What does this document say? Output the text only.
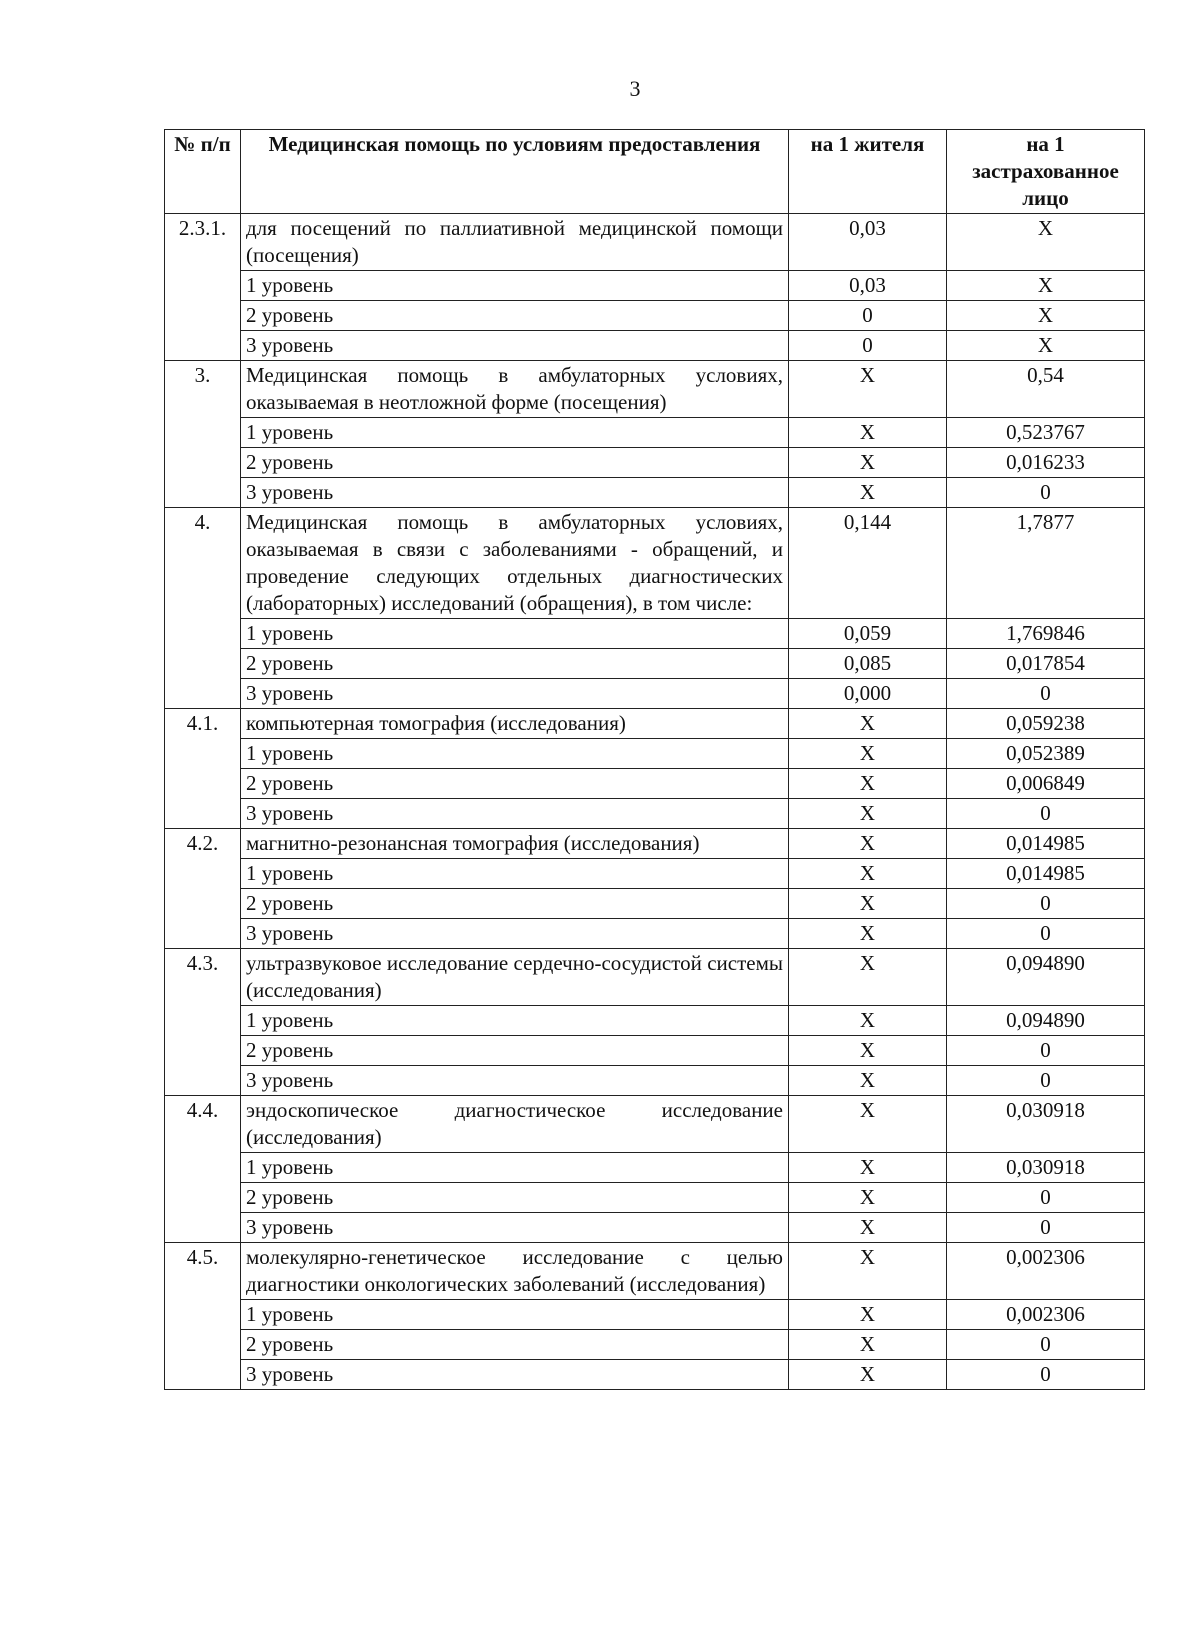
3
№ п/п	Медицинская помощь по условиям предоставления	на 1 жителя	на 1 застрахованное лицо
2.3.1.	для посещений по паллиативной медицинской помощи (посещения)	0,03	X
	1 уровень	0,03	X
	2 уровень	0	X
	3 уровень	0	X
3.	Медицинская помощь в амбулаторных условиях, оказываемая в неотложной форме (посещения)	X	0,54
	1 уровень	X	0,523767
	2 уровень	X	0,016233
	3 уровень	X	0
4.	Медицинская помощь в амбулаторных условиях, оказываемая в связи с заболеваниями - обращений, и проведение следующих отдельных диагностических (лабораторных) исследований (обращения), в том числе:	0,144	1,7877
	1 уровень	0,059	1,769846
	2 уровень	0,085	0,017854
	3 уровень	0,000	0
4.1.	компьютерная томография (исследования)	X	0,059238
	1 уровень	X	0,052389
	2 уровень	X	0,006849
	3 уровень	X	0
4.2.	магнитно-резонансная томография (исследования)	X	0,014985
	1 уровень	X	0,014985
	2 уровень	X	0
	3 уровень	X	0
4.3.	ультразвуковое исследование сердечно-сосудистой системы (исследования)	X	0,094890
	1 уровень	X	0,094890
	2 уровень	X	0
	3 уровень	X	0
4.4.	эндоскопическое диагностическое исследование (исследования)	X	0,030918
	1 уровень	X	0,030918
	2 уровень	X	0
	3 уровень	X	0
4.5.	молекулярно-генетическое исследование с целью диагностики онкологических заболеваний (исследования)	X	0,002306
	1 уровень	X	0,002306
	2 уровень	X	0
	3 уровень	X	0
